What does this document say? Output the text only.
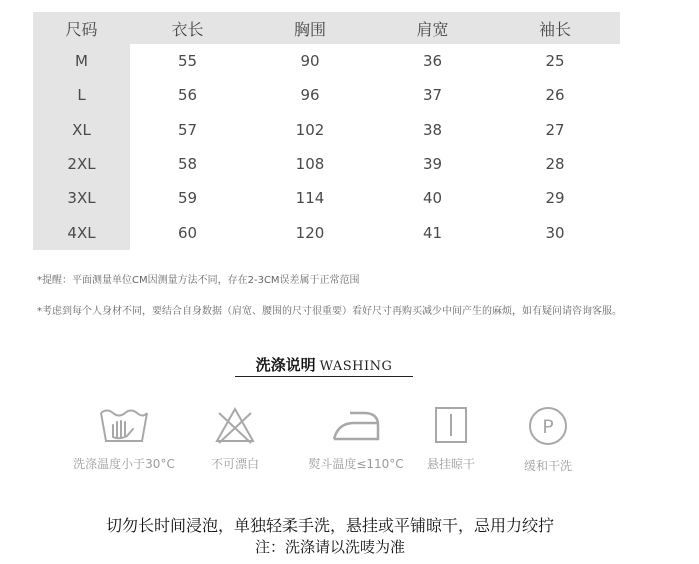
尺码	衣长	胸围	肩宽	袖长
M	55	90	36	25
L	56	96	37	26
XL	57	102	38	27
2XL	58	108	39	28
3XL	59	114	40	29
4XL	60	120	41	30
*提醒：平面测量单位CM因测量方法不同，存在2-3CM误差属于正常范围
*考虑到每个人身材不同，要结合自身数据（肩宽、腰围的尺寸很重要）看好尺寸再购买减少中间产生的麻烦，如有疑问请咨询客服。
洗涤说明 WASHING
洗涤温度小于30°C	不可漂白	熨斗温度≤110°C	悬挂晾干
P
缓和干洗
切勿长时间浸泡，单独轻柔手洗，悬挂或平铺晾干，忌用力绞拧
注：洗涤请以洗唛为准
